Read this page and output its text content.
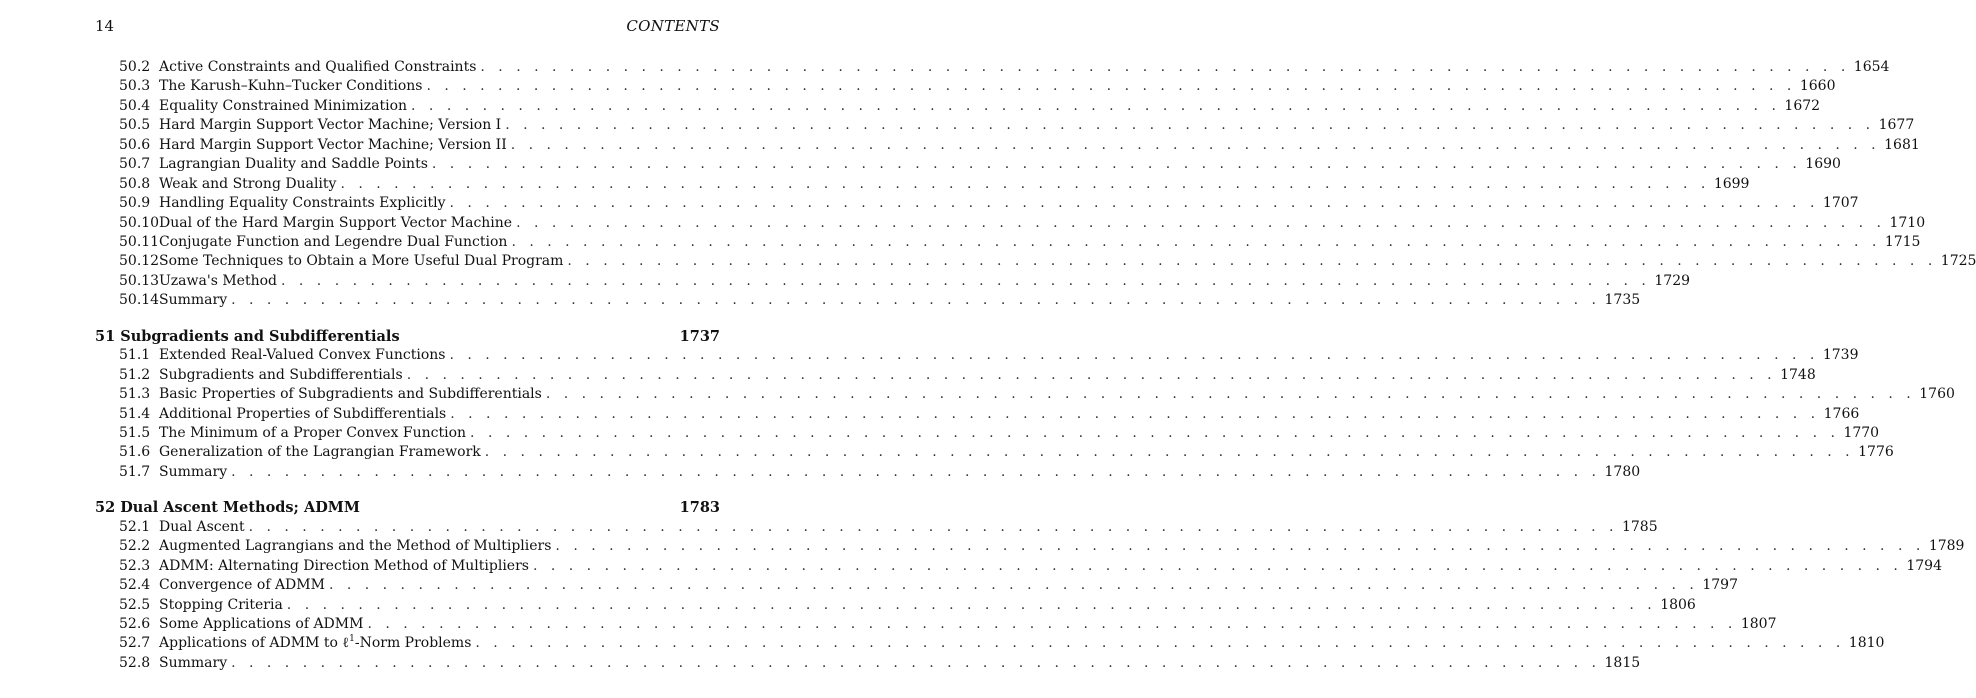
14	CONTENTS
50.2 Active Constraints and Qualified Constraints . . . . . . . . . . . . . . . . . . . . . . . . . . . . . . . . . . . . . . . . . . . . . . . . . . . . . . . . . . . . . . . . . . . . . . . . . . . . . 1654
50.3 The Karush–Kuhn–Tucker Conditions . . . . . . . . . . . . . . . . . . . . . . . . . . . . . . . . . . . . . . . . . . . . . . . . . . . . . . . . . . . . . . . . . . . . . . . . . . . . . 1660
50.4 Equality Constrained Minimization . . . . . . . . . . . . . . . . . . . . . . . . . . . . . . . . . . . . . . . . . . . . . . . . . . . . . . . . . . . . . . . . . . . . . . . . . . . . . 1672
50.5 Hard Margin Support Vector Machine; Version I . . . . . . . . . . . . . . . . . . . . . . . . . . . . . . . . . . . . . . . . . . . . . . . . . . . . . . . . . . . . . . . . . . . . . . . . . . . . . 1677
50.6 Hard Margin Support Vector Machine; Version II . . . . . . . . . . . . . . . . . . . . . . . . . . . . . . . . . . . . . . . . . . . . . . . . . . . . . . . . . . . . . . . . . . . . . . . . . . . . . 1681
50.7 Lagrangian Duality and Saddle Points . . . . . . . . . . . . . . . . . . . . . . . . . . . . . . . . . . . . . . . . . . . . . . . . . . . . . . . . . . . . . . . . . . . . . . . . . . . . . 1690
50.8 Weak and Strong Duality . . . . . . . . . . . . . . . . . . . . . . . . . . . . . . . . . . . . . . . . . . . . . . . . . . . . . . . . . . . . . . . . . . . . . . . . . . . . . 1699
50.9 Handling Equality Constraints Explicitly . . . . . . . . . . . . . . . . . . . . . . . . . . . . . . . . . . . . . . . . . . . . . . . . . . . . . . . . . . . . . . . . . . . . . . . . . . . . . 1707
50.10 Dual of the Hard Margin Support Vector Machine . . . . . . . . . . . . . . . . . . . . . . . . . . . . . . . . . . . . . . . . . . . . . . . . . . . . . . . . . . . . . . . . . . . . . . . . . . . . . 1710
50.11 Conjugate Function and Legendre Dual Function . . . . . . . . . . . . . . . . . . . . . . . . . . . . . . . . . . . . . . . . . . . . . . . . . . . . . . . . . . . . . . . . . . . . . . . . . . . . . 1715
50.12 Some Techniques to Obtain a More Useful Dual Program . . . . . . . . . . . . . . . . . . . . . . . . . . . . . . . . . . . . . . . . . . . . . . . . . . . . . . . . . . . . . . . . . . . . . . . . . . . . . 1725
50.13 Uzawa's Method . . . . . . . . . . . . . . . . . . . . . . . . . . . . . . . . . . . . . . . . . . . . . . . . . . . . . . . . . . . . . . . . . . . . . . . . . . . . . 1729
50.14 Summary . . . . . . . . . . . . . . . . . . . . . . . . . . . . . . . . . . . . . . . . . . . . . . . . . . . . . . . . . . . . . . . . . . . . . . . . . . . . . 1735
51 Subgradients and Subdifferentials	1737
51.1 Extended Real-Valued Convex Functions . . . . . . . . . . . . . . . . . . . . . . . . . . . . . . . . . . . . . . . . . . . . . . . . . . . . . . . . . . . . . . . . . . . . . . . . . . . . . 1739
51.2 Subgradients and Subdifferentials . . . . . . . . . . . . . . . . . . . . . . . . . . . . . . . . . . . . . . . . . . . . . . . . . . . . . . . . . . . . . . . . . . . . . . . . . . . . . 1748
51.3 Basic Properties of Subgradients and Subdifferentials . . . . . . . . . . . . . . . . . . . . . . . . . . . . . . . . . . . . . . . . . . . . . . . . . . . . . . . . . . . . . . . . . . . . . . . . . . . . . 1760
51.4 Additional Properties of Subdifferentials . . . . . . . . . . . . . . . . . . . . . . . . . . . . . . . . . . . . . . . . . . . . . . . . . . . . . . . . . . . . . . . . . . . . . . . . . . . . . 1766
51.5 The Minimum of a Proper Convex Function . . . . . . . . . . . . . . . . . . . . . . . . . . . . . . . . . . . . . . . . . . . . . . . . . . . . . . . . . . . . . . . . . . . . . . . . . . . . . 1770
51.6 Generalization of the Lagrangian Framework . . . . . . . . . . . . . . . . . . . . . . . . . . . . . . . . . . . . . . . . . . . . . . . . . . . . . . . . . . . . . . . . . . . . . . . . . . . . . 1776
51.7 Summary . . . . . . . . . . . . . . . . . . . . . . . . . . . . . . . . . . . . . . . . . . . . . . . . . . . . . . . . . . . . . . . . . . . . . . . . . . . . . 1780
52 Dual Ascent Methods; ADMM	1783
52.1 Dual Ascent . . . . . . . . . . . . . . . . . . . . . . . . . . . . . . . . . . . . . . . . . . . . . . . . . . . . . . . . . . . . . . . . . . . . . . . . . . . . . 1785
52.2 Augmented Lagrangians and the Method of Multipliers . . . . . . . . . . . . . . . . . . . . . . . . . . . . . . . . . . . . . . . . . . . . . . . . . . . . . . . . . . . . . . . . . . . . . . . . . . . . . 1789
52.3 ADMM: Alternating Direction Method of Multipliers . . . . . . . . . . . . . . . . . . . . . . . . . . . . . . . . . . . . . . . . . . . . . . . . . . . . . . . . . . . . . . . . . . . . . . . . . . . . . 1794
52.4 Convergence of ADMM . . . . . . . . . . . . . . . . . . . . . . . . . . . . . . . . . . . . . . . . . . . . . . . . . . . . . . . . . . . . . . . . . . . . . . . . . . . . . 1797
52.5 Stopping Criteria . . . . . . . . . . . . . . . . . . . . . . . . . . . . . . . . . . . . . . . . . . . . . . . . . . . . . . . . . . . . . . . . . . . . . . . . . . . . . 1806
52.6 Some Applications of ADMM . . . . . . . . . . . . . . . . . . . . . . . . . . . . . . . . . . . . . . . . . . . . . . . . . . . . . . . . . . . . . . . . . . . . . . . . . . . . . 1807
52.7 Applications of ADMM to ℓ$^1$-Norm Problems . . . . . . . . . . . . . . . . . . . . . . . . . . . . . . . . . . . . . . . . . . . . . . . . . . . . . . . . . . . . . . . . . . . . . . . . . . . . . 1810
52.8 Summary . . . . . . . . . . . . . . . . . . . . . . . . . . . . . . . . . . . . . . . . . . . . . . . . . . . . . . . . . . . . . . . . . . . . . . . . . . . . . 1815
